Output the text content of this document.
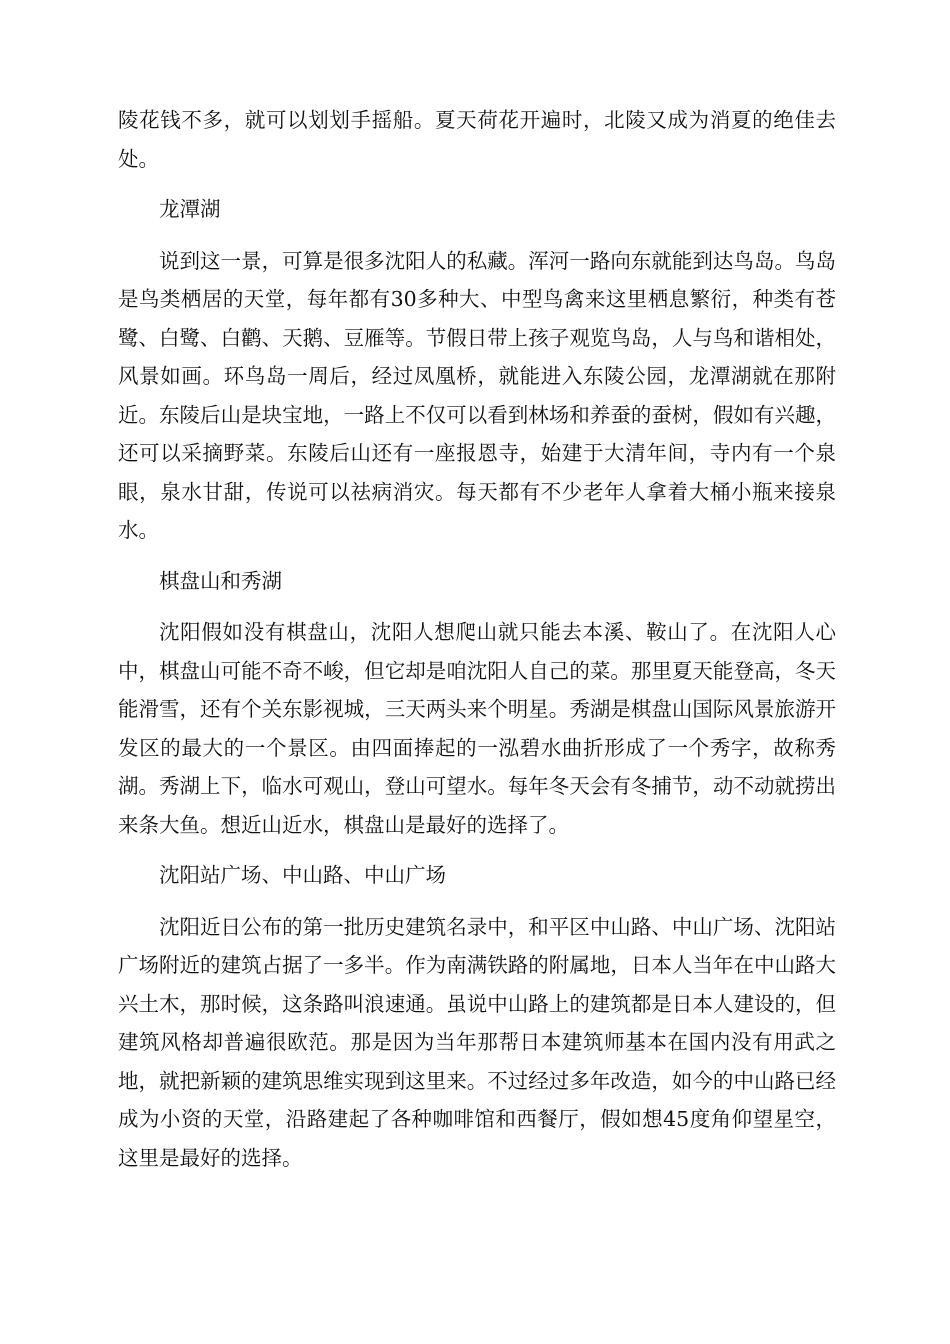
陵花钱不多，就可以划划手摇船。夏天荷花开遍时，北陵又成为消夏的绝佳去处。

龙潭湖

说到这一景，可算是很多沈阳人的私藏。浑河一路向东就能到达鸟岛。鸟岛是鸟类栖居的天堂，每年都有30多种大、中型鸟禽来这里栖息繁衍，种类有苍鹭、白鹭、白鹳、天鹅、豆雁等。节假日带上孩子观览鸟岛，人与鸟和谐相处，风景如画。环鸟岛一周后，经过凤凰桥，就能进入东陵公园，龙潭湖就在那附近。东陵后山是块宝地，一路上不仅可以看到林场和养蚕的蚕树，假如有兴趣，还可以采摘野菜。东陵后山还有一座报恩寺，始建于大清年间，寺内有一个泉眼，泉水甘甜，传说可以祛病消灾。每天都有不少老年人拿着大桶小瓶来接泉水。

棋盘山和秀湖

沈阳假如没有棋盘山，沈阳人想爬山就只能去本溪、鞍山了。在沈阳人心中，棋盘山可能不奇不峻，但它却是咱沈阳人自己的菜。那里夏天能登高，冬天能滑雪，还有个关东影视城，三天两头来个明星。秀湖是棋盘山国际风景旅游开发区的最大的一个景区。由四面捧起的一泓碧水曲折形成了一个秀字，故称秀湖。秀湖上下，临水可观山，登山可望水。每年冬天会有冬捕节，动不动就捞出来条大鱼。想近山近水，棋盘山是最好的选择了。

沈阳站广场、中山路、中山广场

沈阳近日公布的第一批历史建筑名录中，和平区中山路、中山广场、沈阳站广场附近的建筑占据了一多半。作为南满铁路的附属地，日本人当年在中山路大兴土木，那时候，这条路叫浪速通。虽说中山路上的建筑都是日本人建设的，但建筑风格却普遍很欧范。那是因为当年那帮日本建筑师基本在国内没有用武之地，就把新颖的建筑思维实现到这里来。不过经过多年改造，如今的中山路已经成为小资的天堂，沿路建起了各种咖啡馆和西餐厅，假如想45度角仰望星空，这里是最好的选择。
